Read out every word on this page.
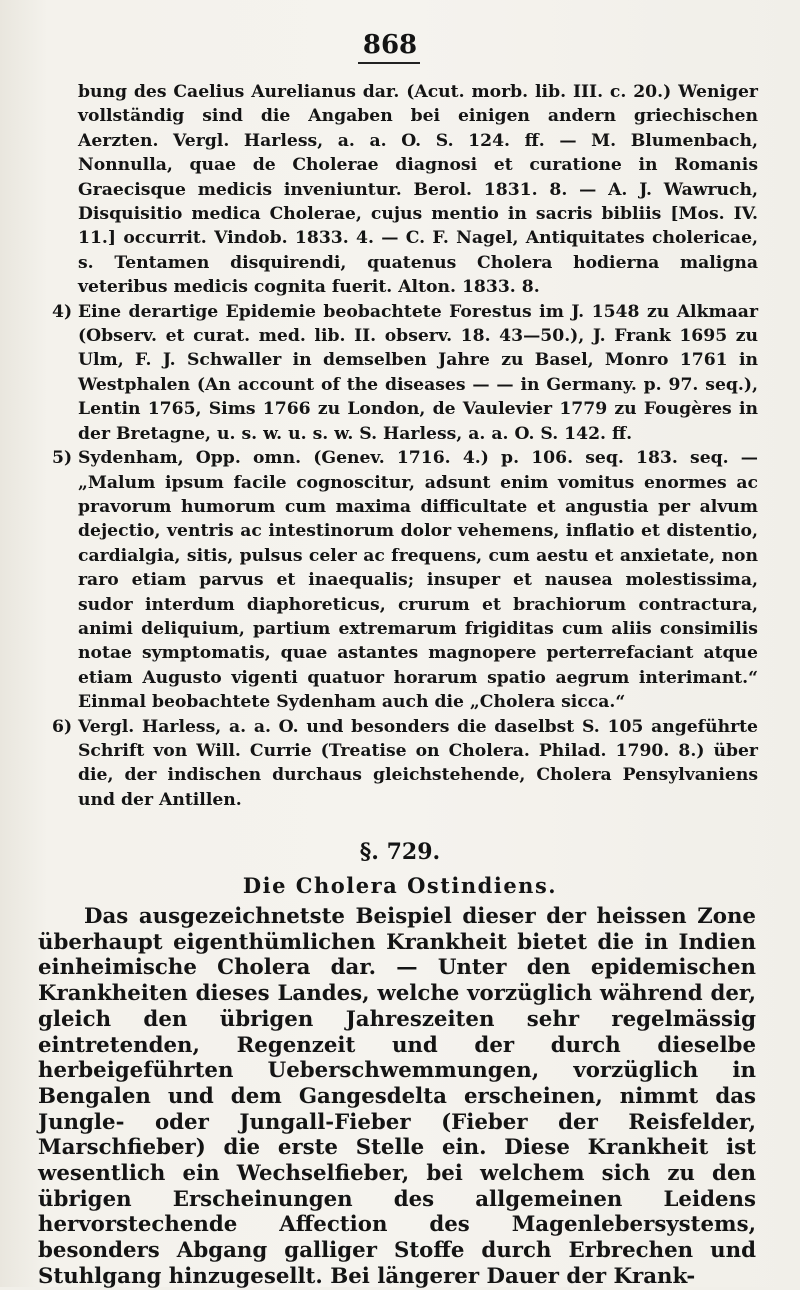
868
bung des Caelius Aurelianus dar. (Acut. morb. lib. III. c. 20.) Weniger vollständig sind die Angaben bei einigen andern griechischen Aerzten. Vergl. Harless, a. a. O. S. 124. ff. — M. Blumenbach, Nonnulla, quae de Cholerae diagnosi et curatione in Romanis Graecisque medicis inveniuntur. Berol. 1831. 8. — A. J. Wawruch, Disquisitio medica Cholerae, cujus mentio in sacris bibliis [Mos. IV. 11.] occurrit. Vindob. 1833. 4. — C. F. Nagel, Antiquitates cholericae, s. Tentamen disquirendi, quatenus Cholera hodierna maligna veteribus medicis cognita fuerit. Alton. 1833. 8.
4) Eine derartige Epidemie beobachtete Forestus im J. 1548 zu Alkmaar (Observ. et curat. med. lib. II. observ. 18. 43—50.), J. Frank 1695 zu Ulm, F. J. Schwaller in demselben Jahre zu Basel, Monro 1761 in Westphalen (An account of the diseases — — in Germany. p. 97. seq.), Lentin 1765, Sims 1766 zu London, de Vaulevier 1779 zu Fougères in der Bretagne, u. s. w. u. s. w. S. Harless, a. a. O. S. 142. ff.
5) Sydenham, Opp. omn. (Genev. 1716. 4.) p. 106. seq. 183. seq. — „Malum ipsum facile cognoscitur, adsunt enim vomitus enormes ac pravorum humorum cum maxima difficultate et angustia per alvum dejectio, ventris ac intestinorum dolor vehemens, inflatio et distentio, cardialgia, sitis, pulsus celer ac frequens, cum aestu et anxietate, non raro etiam parvus et inaequalis; insuper et nausea molestissima, sudor interdum diaphoreticus, crurum et brachiorum contractura, animi deliquium, partium extremarum frigiditas cum aliis consimilis notae symptomatis, quae astantes magnopere perterrefaciant atque etiam Augusto vigenti quatuor horarum spatio aegrum interimant.“ Einmal beobachtete Sydenham auch die „Cholera sicca.“
6) Vergl. Harless, a. a. O. und besonders die daselbst S. 105 angeführte Schrift von Will. Currie (Treatise on Cholera. Philad. 1790. 8.) über die, der indischen durchaus gleichstehende, Cholera Pensylvaniens und der Antillen.
§. 729.
Die Cholera Ostindiens.

Das ausgezeichnetste Beispiel dieser der heissen Zone überhaupt eigenthümlichen Krankheit bietet die in Indien einheimische Cholera dar. — Unter den epidemischen Krankheiten dieses Landes, welche vorzüglich während der, gleich den übrigen Jahreszeiten sehr regelmässig eintretenden, Regenzeit und der durch dieselbe herbeigeführten Ueberschwemmungen, vorzüglich in Bengalen und dem Gangesdelta erscheinen, nimmt das Jungle- oder Jungall-Fieber (Fieber der Reisfelder, Marschfieber) die erste Stelle ein. Diese Krankheit ist wesentlich ein Wechselfieber, bei welchem sich zu den übrigen Erscheinungen des allgemeinen Leidens hervorstechende Affection des Magenlebersystems, besonders Abgang galliger Stoffe durch Erbrechen und Stuhlgang hinzugesellt. Bei längerer Dauer der Krank-
